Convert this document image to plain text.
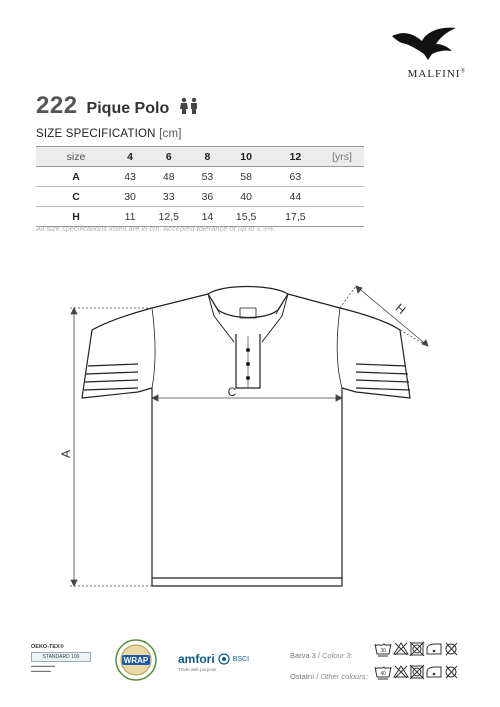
MALFINI®
222 Pique Polo
SIZE SPECIFICATION [cm]
size	4	6	8	10	12	[yrs]
A	43	48	53	58	63	
C	30	33	36	40	44	
H	11	12,5	14	15,5	17,5	
All size specifications listed are in cm. Accepted tolerance of up to ± 5%.
A
C
H
OEKO-TEX®
STANDARD 100
▬▬▬▬▬▬
▬▬▬▬▬
WRAP amfori	BSCI
Trade with purpose
Barva 3 / Colour 3:
Ostatní / Other colours:
30
40
